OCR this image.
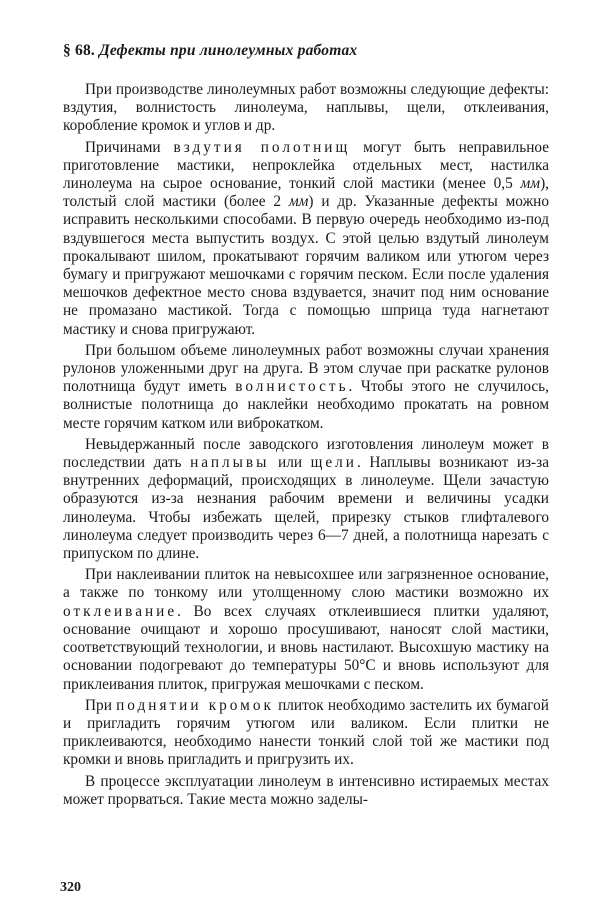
§ 68. Дефекты при линолеумных работах

При производстве линолеумных работ возможны следующие дефекты: вздутия, волнистость линолеума, наплывы, щели, отклеивания, коробление кромок и углов и др.

Причинами вздутия полотнищ могут быть неправильное приготовление мастики, непроклейка отдельных мест, настилка линолеума на сырое основание, тонкий слой мастики (менее 0,5 мм), толстый слой мастики (более 2 мм) и др. Указанные дефекты можно исправить несколькими способами. В первую очередь необходимо из-под вздувшегося места выпустить воздух. С этой целью вздутый линолеум прокалывают шилом, прокатывают горячим валиком или утюгом через бумагу и пригружают мешочками с горячим песком. Если после удаления мешочков дефектное место снова вздувается, значит под ним основание не промазано мастикой. Тогда с помощью шприца туда нагнетают мастику и снова пригружают.

При большом объеме линолеумных работ возможны случаи хранения рулонов уложенными друг на друга. В этом случае при раскатке рулонов полотнища будут иметь волнистость. Чтобы этого не случилось, волнистые полотнища до наклейки необходимо прокатать на ровном месте горячим катком или виброкатком.

Невыдержанный после заводского изготовления линолеум может в последствии дать наплывы или щели. Наплывы возникают из-за внутренних деформаций, происходящих в линолеуме. Щели зачастую образуются из-за незнания рабочим времени и величины усадки линолеума. Чтобы избежать щелей, прирезку стыков глифталевого линолеума следует производить через 6—7 дней, а полотнища нарезать с припуском по длине.

При наклеивании плиток на невысохшее или загрязненное основание, а также по тонкому или утолщенному слою мастики возможно их отклеивание. Во всех случаях отклеившиеся плитки удаляют, основание очищают и хорошо просушивают, наносят слой мастики, соответствующий технологии, и вновь настилают. Высохшую мастику на основании подогревают до температуры 50°С и вновь используют для приклеивания плиток, пригружая мешочками с песком.

При поднятии кромок плиток необходимо застелить их бумагой и пригладить горячим утюгом или валиком. Если плитки не приклеиваются, необходимо нанести тонкий слой той же мастики под кромки и вновь пригладить и пригрузить их.

В процессе эксплуатации линолеум в интенсивно истираемых местах может прорваться. Такие места можно заделы-

320
